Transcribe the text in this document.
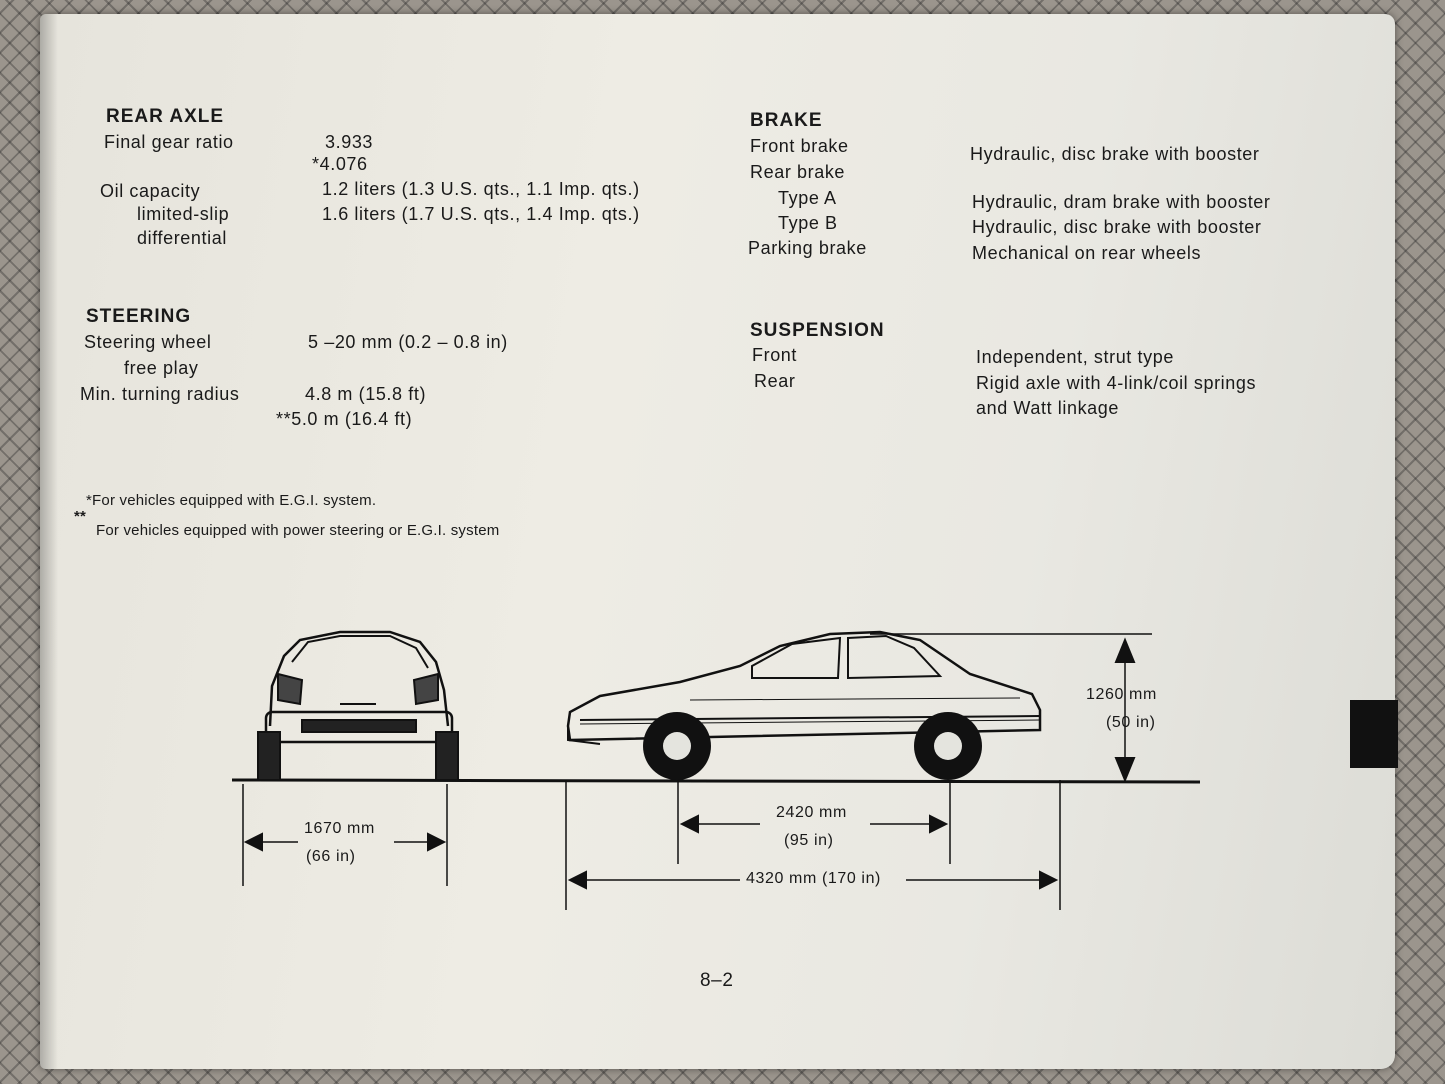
REAR AXLE
Final gear ratio	3.933
*4.076
Oil capacity	1.2 liters (1.3 U.S. qts., 1.1 Imp. qts.)
limited-slip	1.6 liters (1.7 U.S. qts., 1.4 Imp. qts.)
differential
STEERING
Steering wheel	5 –20 mm (0.2 – 0.8 in)
free play
Min. turning radius	4.8 m (15.8 ft)
**5.0 m (16.4 ft)
*For vehicles equipped with E.G.I. system.
**
For vehicles equipped with power steering or E.G.I. system
BRAKE
Front brake	Hydraulic, disc brake with booster
Rear brake
Type A	Hydraulic, dram brake with booster
Type B	Hydraulic, disc brake with booster
Parking brake	Mechanical on rear wheels
SUSPENSION
Front	Independent, strut type
Rear	Rigid axle with 4-link/coil springs
and Watt linkage
1670 mm
(66 in)
2420 mm
(95 in)
4320 mm (170 in)
1260 mm
(50 in)
8–2
